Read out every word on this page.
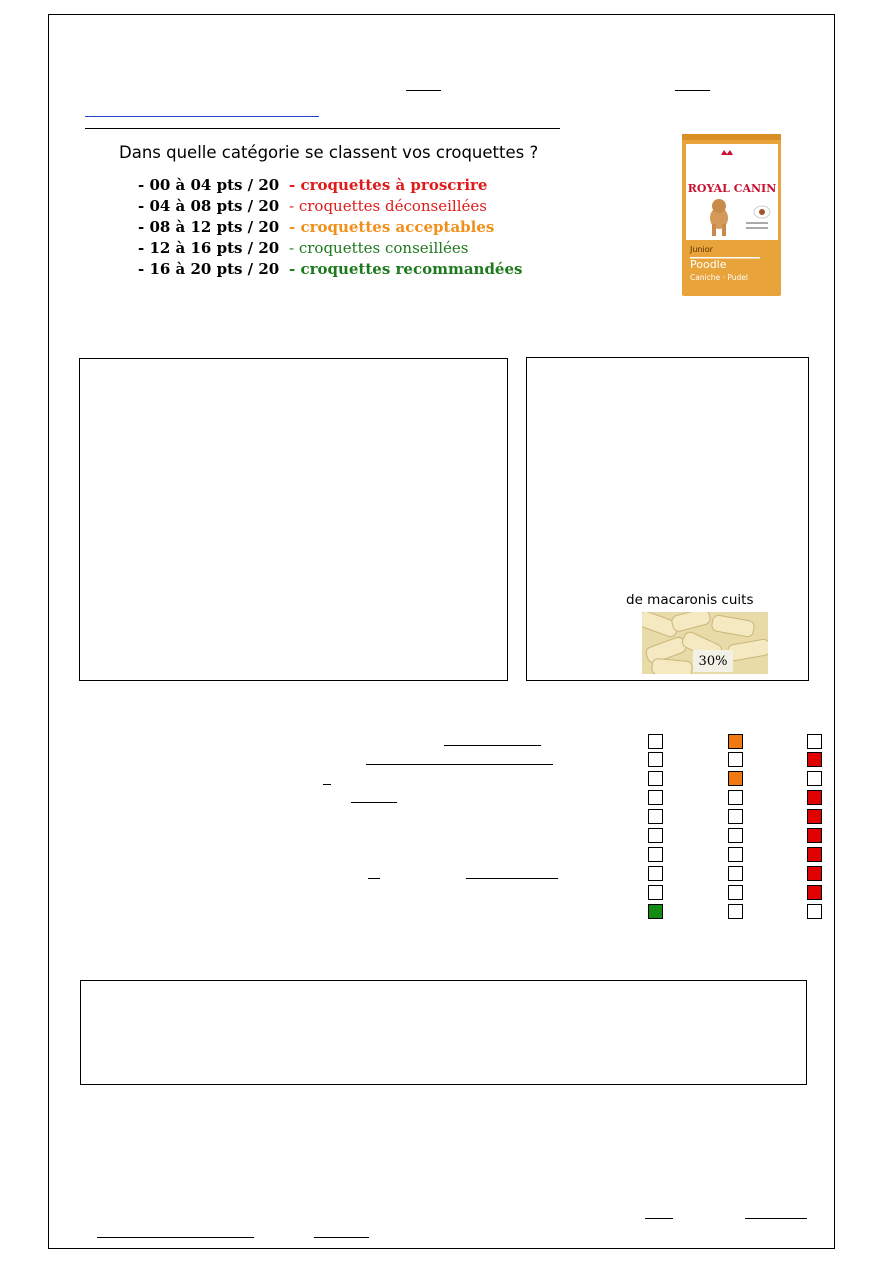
Dans quelle catégorie se classent vos croquettes ?
- 00 à 04 pts / 20 - croquettes à proscrire
- 04 à 08 pts / 20 - croquettes déconseillées
- 08 à 12 pts / 20 - croquettes acceptables
- 12 à 16 pts / 20 - croquettes conseillées
- 16 à 20 pts / 20 - croquettes recommandées
ROYAL CANIN
Junior
Poodle
Caniche · Pudel
de macaronis cuits
30%
